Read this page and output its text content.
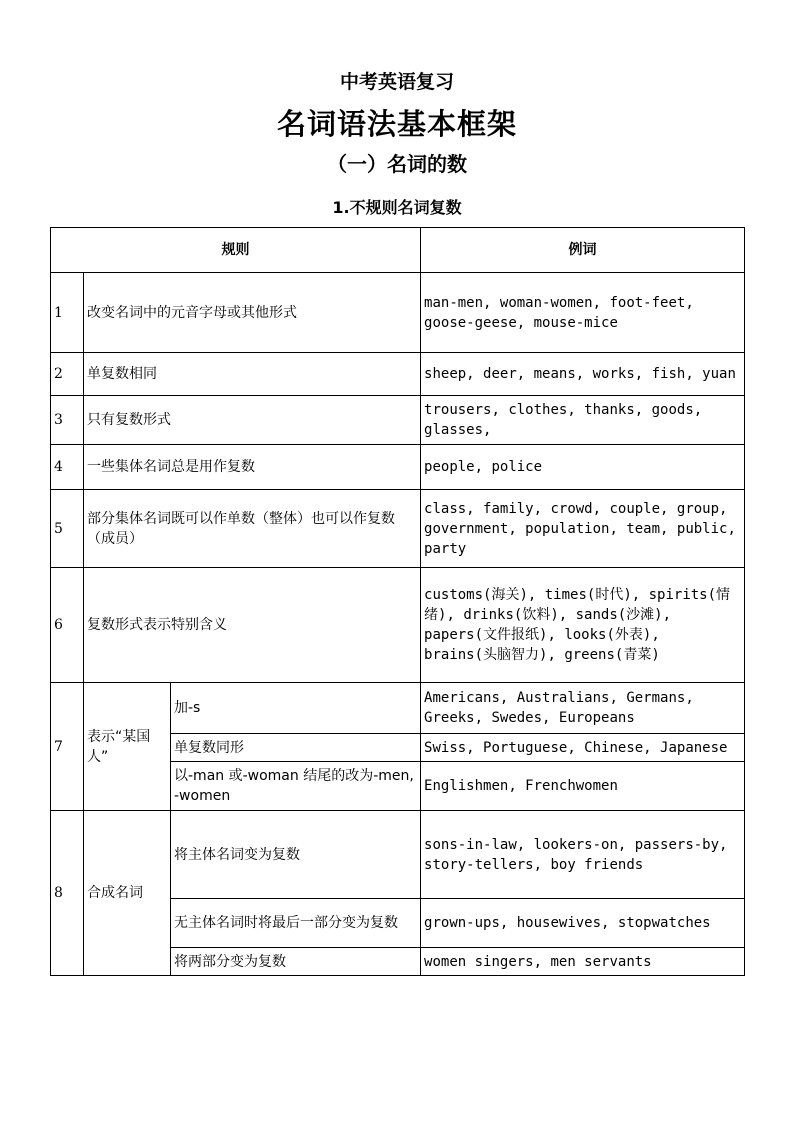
中考英语复习
名词语法基本框架
（一）名词的数
1.不规则名词复数
规则			例词
1	改变名词中的元音字母或其他形式		man-men, woman-women, foot-feet, goose-geese, mouse-mice
2	单复数相同		sheep, deer, means, works, fish, yuan
3	只有复数形式		trousers, clothes, thanks, goods, glasses,
4	一些集体名词总是用作复数		people, police
5	部分集体名词既可以作单数（整体）也可以作复数（成员）		class, family, crowd, couple, group, government, population, team, public, party
6	复数形式表示特别含义		customs(海关), times(时代), spirits(情绪), drinks(饮料), sands(沙滩), papers(文件报纸), looks(外表), brains(头脑智力), greens(青菜)
7	表示“某国人”	加-s	Americans, Australians, Germans, Greeks, Swedes, Europeans
		单复数同形	Swiss, Portuguese, Chinese, Japanese
		以-man 或-woman 结尾的改为-men, -women	Englishmen, Frenchwomen
8	合成名词	将主体名词变为复数	sons-in-law, lookers-on, passers-by, story-tellers, boy friends
		无主体名词时将最后一部分变为复数	grown-ups, housewives, stopwatches
		将两部分变为复数	women singers, men servants
